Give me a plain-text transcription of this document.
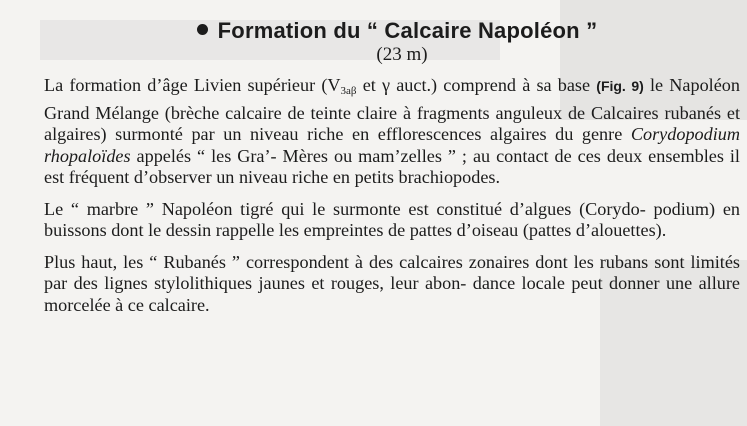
Formation du “ Calcaire Napoléon ”
(23 m)

La formation d’âge Livien supérieur ($V_{3a\beta}$ et γ auct.) comprend à sa base (Fig. 9) le Napoléon Grand Mélange (brèche calcaire de teinte claire à fragments anguleux de Calcaires rubanés et algaires) surmonté par un niveau riche en efflorescences algaires du genre Corydopodium rhopaloïdes appelés “ les Gra’- Mères ou mam’zelles ” ; au contact de ces deux ensembles il est fréquent d’observer un niveau riche en petits brachiopodes.

Le “ marbre ” Napoléon tigré qui le surmonte est constitué d’algues (Corydo- podium) en buissons dont le dessin rappelle les empreintes de pattes d’oiseau (pattes d’alouettes).

Plus haut, les “ Rubanés ” correspondent à des calcaires zonaires dont les rubans sont limités par des lignes stylolithiques jaunes et rouges, leur abon- dance locale peut donner une allure morcelée à ce calcaire.
